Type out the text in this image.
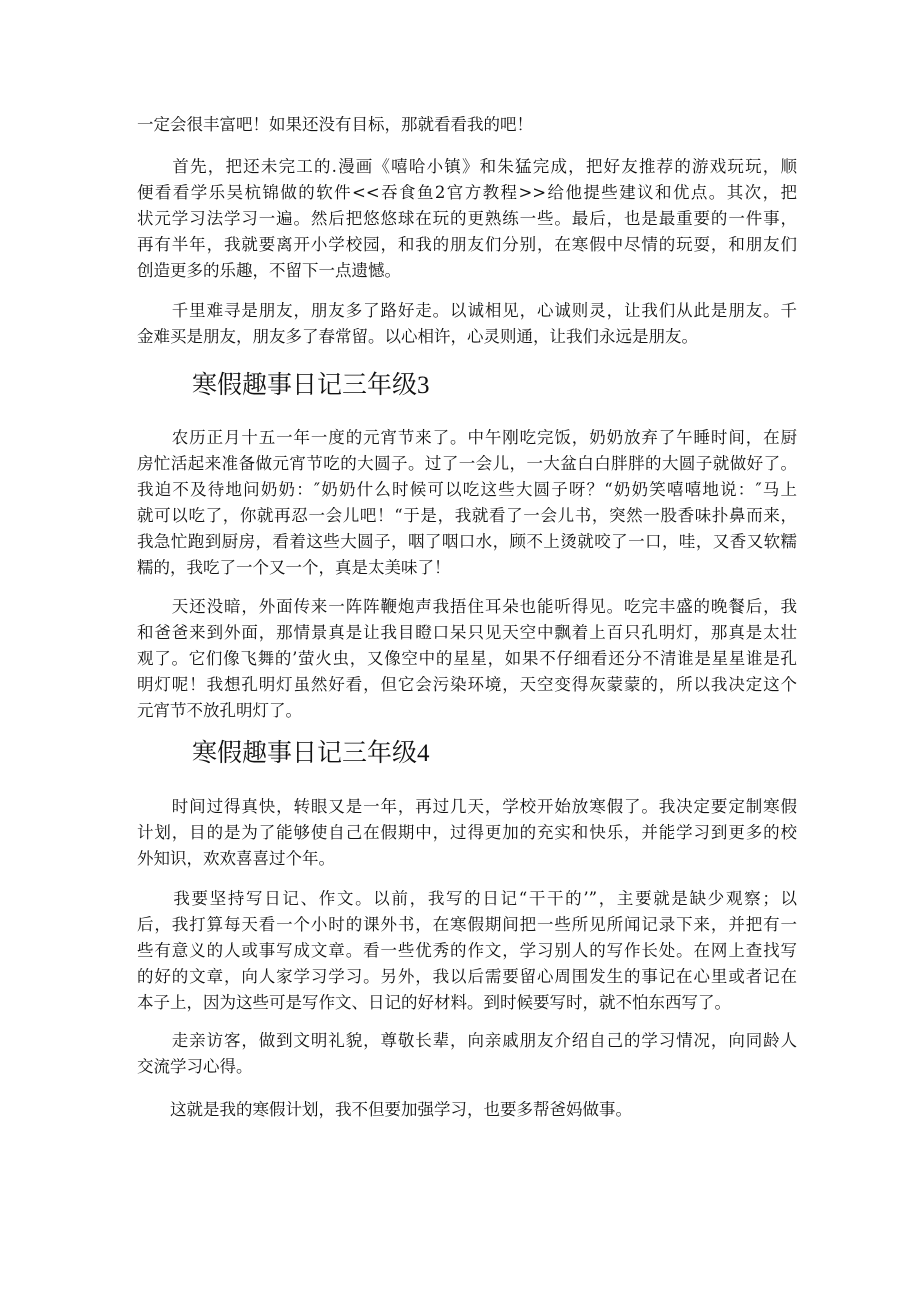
一定会很丰富吧！如果还没有目标，那就看看我的吧！
　　首先，把还未完工的.漫画《嘻哈小镇》和朱猛完成，把好友推荐的游戏玩玩，顺
便看看学乐吴杭锦做的软件<<吞食鱼2官方教程>>给他提些建议和优点。其次，把
状元学习法学习一遍。然后把悠悠球在玩的更熟练一些。最后，也是最重要的一件事，
再有半年，我就要离开小学校园，和我的朋友们分别，在寒假中尽情的玩耍，和朋友们
创造更多的乐趣，不留下一点遗憾。
　　千里难寻是朋友，朋友多了路好走。以诚相见，心诚则灵，让我们从此是朋友。千
金难买是朋友，朋友多了春常留。以心相许，心灵则通，让我们永远是朋友。
寒假趣事日记三年级3
　　农历正月十五一年一度的元宵节来了。中午刚吃完饭，奶奶放弃了午睡时间，在厨
房忙活起来准备做元宵节吃的大圆子。过了一会儿，一大盆白白胖胖的大圆子就做好了。
我迫不及待地问奶奶：″奶奶什么时候可以吃这些大圆子呀？“奶奶笑嘻嘻地说：″马上
就可以吃了，你就再忍一会儿吧！“于是，我就看了一会儿书，突然一股香味扑鼻而来，
我急忙跑到厨房，看着这些大圆子，咽了咽口水，顾不上烫就咬了一口，哇，又香又软糯
糯的，我吃了一个又一个，真是太美味了！
　　天还没暗，外面传来一阵阵鞭炮声我捂住耳朵也能听得见。吃完丰盛的晚餐后，我
和爸爸来到外面，那情景真是让我目瞪口呆只见天空中飘着上百只孔明灯，那真是太壮
观了。它们像飞舞的’萤火虫，又像空中的星星，如果不仔细看还分不清谁是星星谁是孔
明灯呢！我想孔明灯虽然好看，但它会污染环境，天空变得灰蒙蒙的，所以我决定这个
元宵节不放孔明灯了。
寒假趣事日记三年级4
　　时间过得真快，转眼又是一年，再过几天，学校开始放寒假了。我决定要定制寒假
计划，目的是为了能够使自己在假期中，过得更加的充实和快乐，并能学习到更多的校
外知识，欢欢喜喜过个年。
　　我要坚持写日记、作文。以前，我写的日记“干干的’”，主要就是缺少观察；以
后，我打算每天看一个小时的课外书，在寒假期间把一些所见所闻记录下来，并把有一
些有意义的人或事写成文章。看一些优秀的作文，学习别人的写作长处。在网上查找写
的好的文章，向人家学习学习。另外，我以后需要留心周围发生的事记在心里或者记在
本子上，因为这些可是写作文、日记的好材料。到时候要写时，就不怕东西写了。
　　走亲访客，做到文明礼貌，尊敬长辈，向亲戚朋友介绍自己的学习情况，向同龄人
交流学习心得。
　　这就是我的寒假计划，我不但要加强学习，也要多帮爸妈做事。
